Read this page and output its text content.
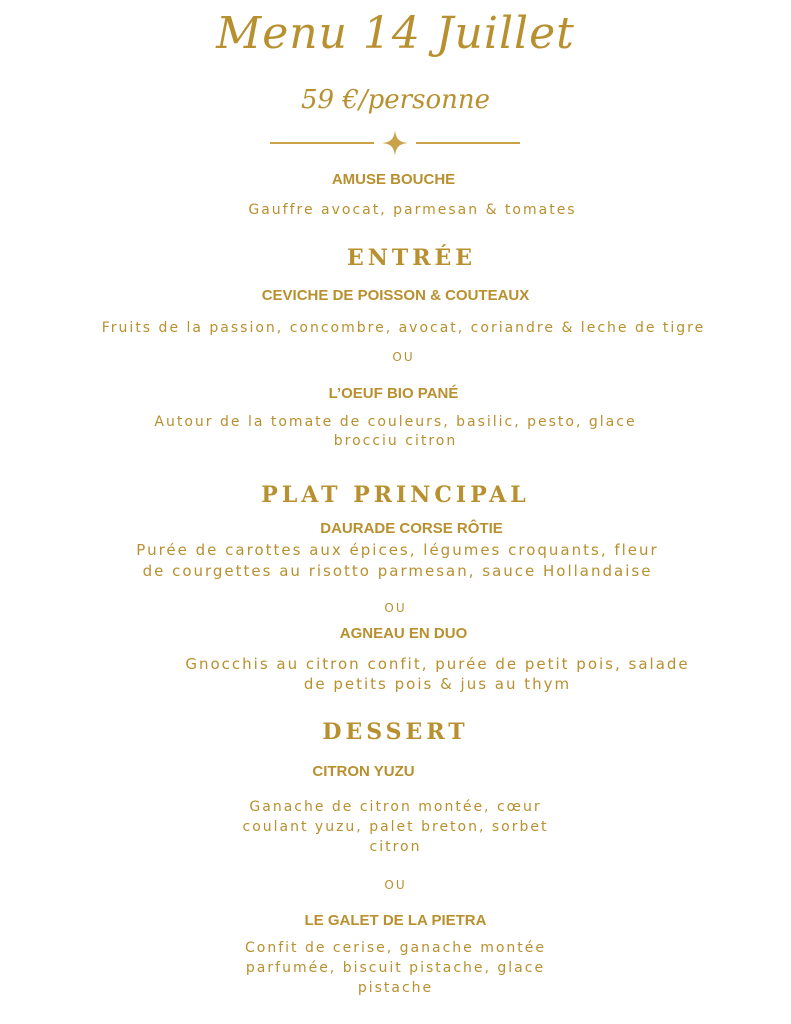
Menu 14 Juillet
59 €/personne
AMUSE BOUCHE
Gauffre avocat, parmesan & tomates
ENTRÉE
CEVICHE DE POISSON & COUTEAUX
Fruits de la passion, concombre, avocat, coriandre & leche de tigre
OU
L’OEUF BIO PANÉ
Autour de la tomate de couleurs, basilic, pesto, glace
brocciu citron
PLAT PRINCIPAL
DAURADE CORSE RÔTIE
Purée de carottes aux épices, légumes croquants, fleur
de courgettes au risotto parmesan, sauce Hollandaise
OU
AGNEAU EN DUO
Gnocchis au citron confit, purée de petit pois, salade
de petits pois & jus au thym
DESSERT
CITRON YUZU
Ganache de citron montée, cœur
coulant yuzu, palet breton, sorbet
citron
OU
LE GALET DE LA PIETRA
Confit de cerise, ganache montée
parfumée, biscuit pistache, glace
pistache
